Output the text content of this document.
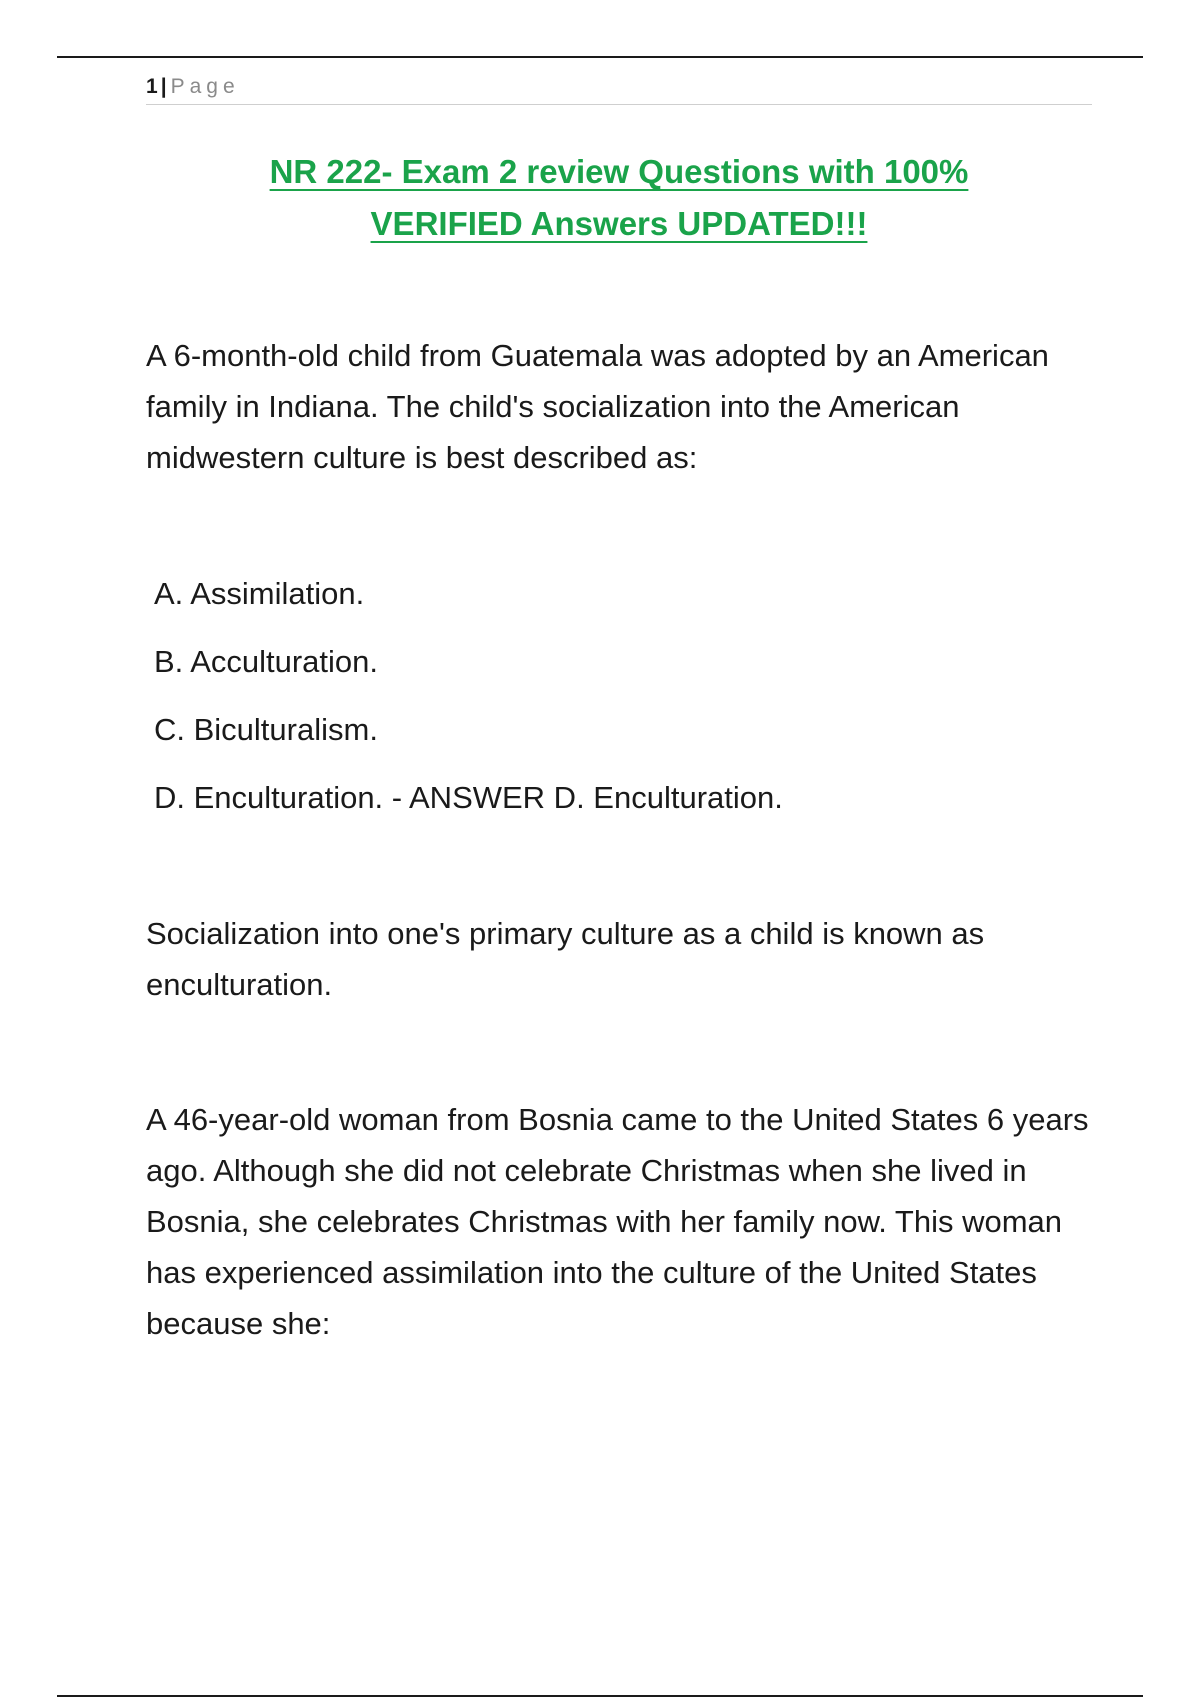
1 | Page
NR 222- Exam 2 review Questions with 100%
VERIFIED Answers UPDATED!!!

A 6-month-old child from Guatemala was adopted by an American family in Indiana. The child's socialization into the American midwestern culture is best described as:

A. Assimilation.

B. Acculturation.

C. Biculturalism.

D. Enculturation. - ANSWER D. Enculturation.

Socialization into one's primary culture as a child is known as enculturation.

A 46-year-old woman from Bosnia came to the United States 6 years ago. Although she did not celebrate Christmas when she lived in Bosnia, she celebrates Christmas with her family now. This woman has experienced assimilation into the culture of the United States because she:
